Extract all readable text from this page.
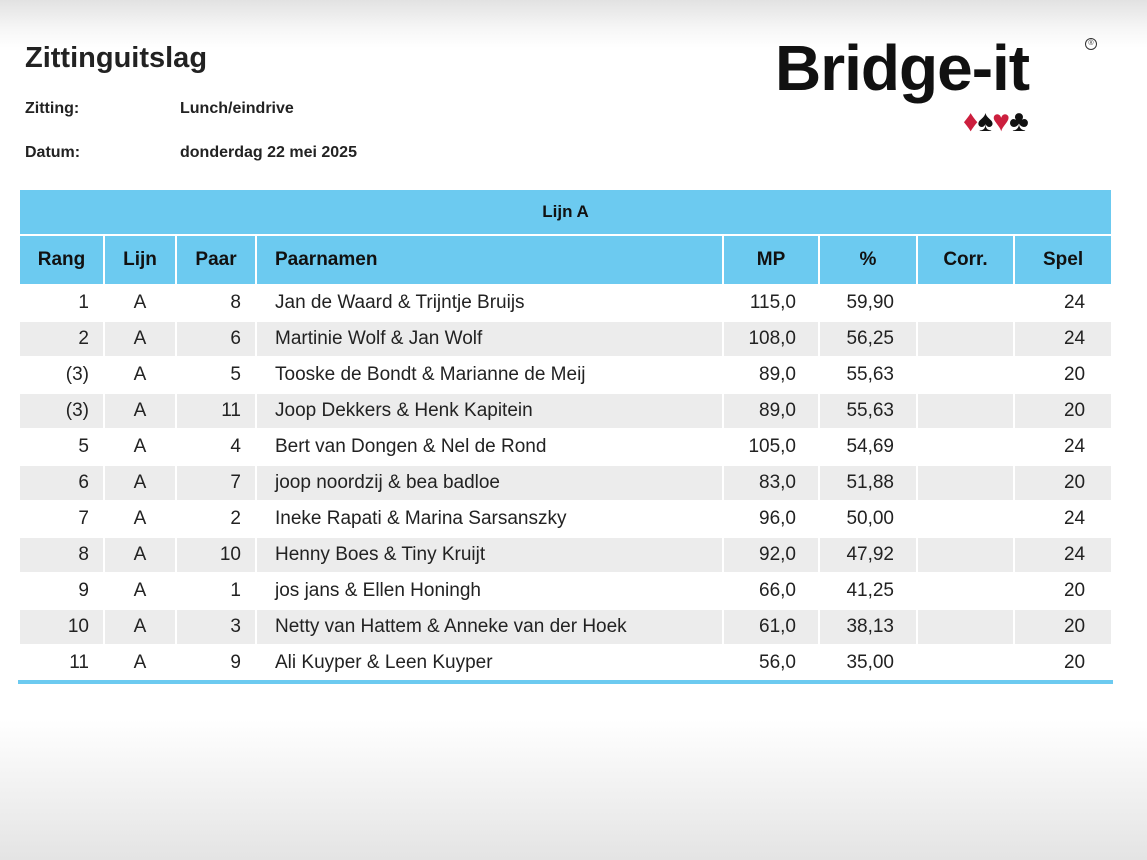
Zittinguitslag
Zitting:	Lunch/eindrive
Datum:	donderdag 22 mei 2025
Bridge-it	®
♦♠♥♣
Lijn A							
Rang	Lijn	Paar	Paarnamen	MP	%	Corr.	Spel
1	A	8	Jan de Waard & Trijntje Bruijs	115,0	59,90		24
2	A	6	Martinie Wolf & Jan Wolf	108,0	56,25		24
(3)	A	5	Tooske de Bondt & Marianne de Meij	89,0	55,63		20
(3)	A	11	Joop Dekkers & Henk Kapitein	89,0	55,63		20
5	A	4	Bert van Dongen & Nel de Rond	105,0	54,69		24
6	A	7	joop noordzij & bea badloe	83,0	51,88		20
7	A	2	Ineke Rapati & Marina Sarsanszky	96,0	50,00		24
8	A	10	Henny Boes & Tiny Kruijt	92,0	47,92		24
9	A	1	jos jans & Ellen Honingh	66,0	41,25		20
10	A	3	Netty van Hattem & Anneke van der Hoek	61,0	38,13		20
11	A	9	Ali Kuyper & Leen Kuyper	56,0	35,00		20
